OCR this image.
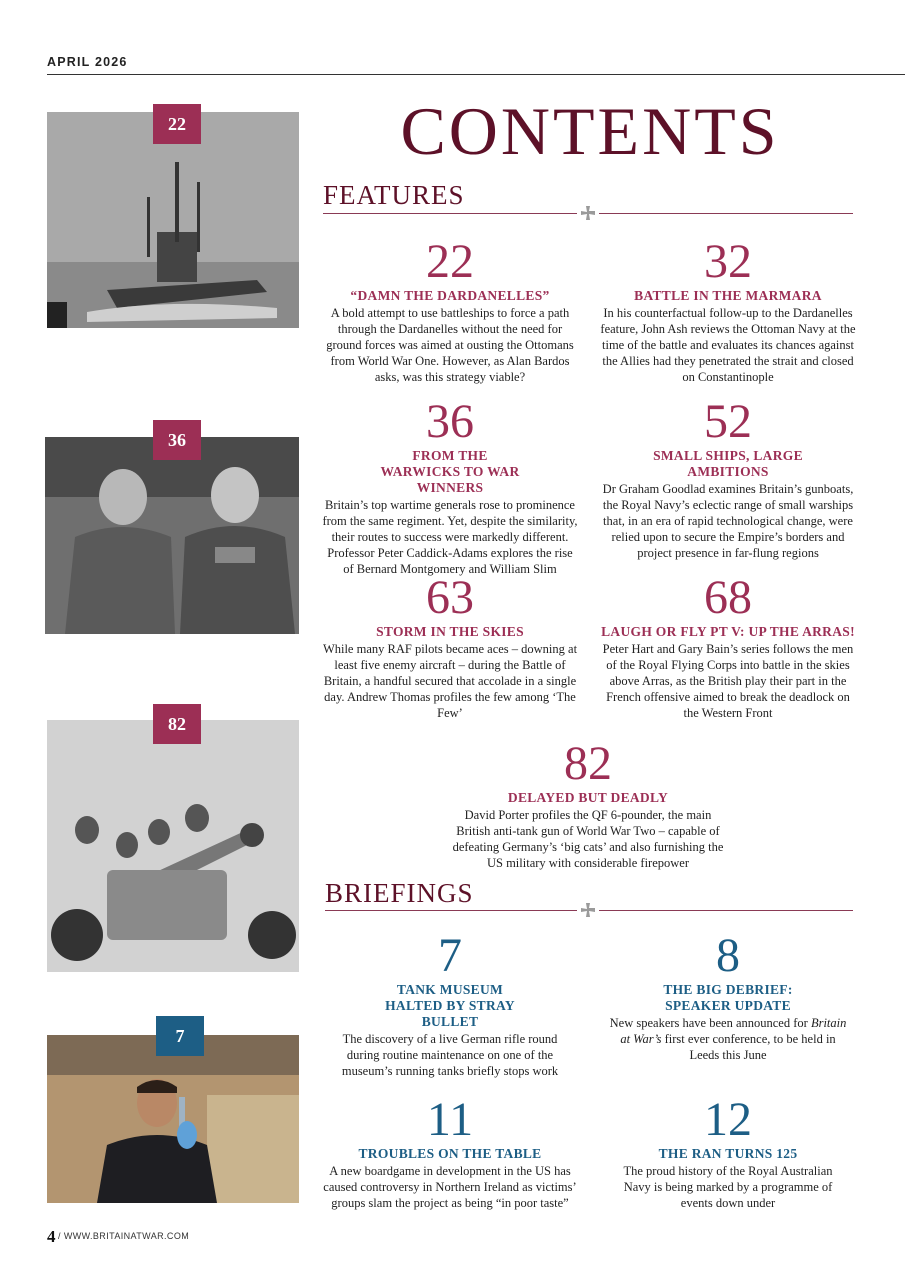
APRIL 2026
22
36
82
7
CONTENTS
FEATURES
22
“DAMN THE DARDANELLES”
A bold attempt to use battleships to force a path through the Dardanelles without the need for ground forces was aimed at ousting the Ottomans from World War One. However, as Alan Bardos asks, was this strategy viable?
32
BATTLE IN THE MARMARA
In his counterfactual follow-up to the Dardanelles feature, John Ash reviews the Ottoman Navy at the time of the battle and evaluates its chances against the Allies had they penetrated the strait and closed on Constantinople
36
FROM THE WARWICKS TO WAR WINNERS
Britain’s top wartime generals rose to prominence from the same regiment. Yet, despite the similarity, their routes to success were markedly different. Professor Peter Caddick-Adams explores the rise of Bernard Montgomery and William Slim
52
SMALL SHIPS, LARGE AMBITIONS
Dr Graham Goodlad examines Britain’s gunboats, the Royal Navy’s eclectic range of small warships that, in an era of rapid technological change, were relied upon to secure the Empire’s borders and project presence in far-flung regions
63
STORM IN THE SKIES
While many RAF pilots became aces – downing at least five enemy aircraft – during the Battle of Britain, a handful secured that accolade in a single day. Andrew Thomas profiles the few among ‘The Few’
68
LAUGH OR FLY PT V: UP THE ARRAS!
Peter Hart and Gary Bain’s series follows the men of the Royal Flying Corps into battle in the skies above Arras, as the British play their part in the French offensive aimed to break the deadlock on the Western Front
82
DELAYED BUT DEADLY
David Porter profiles the QF 6-pounder, the main British anti-tank gun of World War Two – capable of defeating Germany’s ‘big cats’ and also furnishing the US military with considerable firepower
BRIEFINGS
7
TANK MUSEUM HALTED BY STRAY BULLET
The discovery of a live German rifle round during routine maintenance on one of the museum’s running tanks briefly stops work
8
THE BIG DEBRIEF: SPEAKER UPDATE
New speakers have been announced for Britain at War’s first ever conference, to be held in Leeds this June
11
TROUBLES ON THE TABLE
A new boardgame in development in the US has caused controversy in Northern Ireland as victims’ groups slam the project as being “in poor taste”
12
THE RAN TURNS 125
The proud history of the Royal Australian Navy is being marked by a programme of events down under
4 / WWW.BRITAINATWAR.COM
